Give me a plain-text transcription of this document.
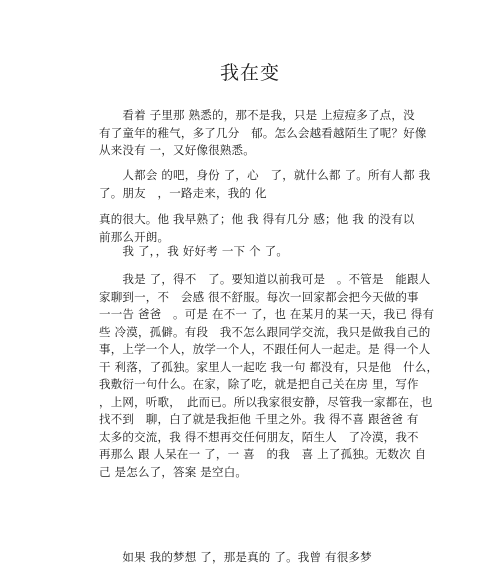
我在变
　　看着 子里那 熟悉的，那不是我，只是 上痘痘多了点，没
有了童年的稚气，多了几分　郁。怎么会越看越陌生了呢？好像
从来没有 一，又好像很熟悉。
　　人都会 的吧，身份 了，心　了，就什么都 了。所有人都 我
了。朋友　，一路走来，我的 化
真的很大。他 我早熟了；他 我 得有几分 感；他 我 的没有以
前那么开朗。
　　我 了，，我 好好考 一下 个 了。
　　我是 了，得不　了。要知道以前我可是　。不管是　能跟人
家聊到一，不　会感 很不舒服。每次一回家都会把今天做的事
一一告 爸爸　。可是 在不一 了，也 在某月的某一天，我已 得有
些 冷漠，孤僻。有段　我不怎么跟同学交流，我只是做我自己的
事，上学一个人，放学一个人，不跟任何人一起走。是 得一个人
干 利落，了孤独。家里人一起吃 我一句 都没有，只是他　什么，
我敷衍一句什么。在家，除了吃，就是把自己关在房 里，写作
，上网，听歌，　此而已。所以我家很安静，尽管我一家都在，也
找不到　聊，白了就是我拒他 千里之外。我 得不喜 跟爸爸 有
太多的交流，我 得不想再交任何朋友，陌生人　了冷漠，我不
再那么 跟 人呆在一 了，一 喜　的我　喜 上了孤独。无数次 自
己 是怎么了，答案 是空白。
　　如果 我的梦想 了，那是真的 了。我曾 有很多梦
